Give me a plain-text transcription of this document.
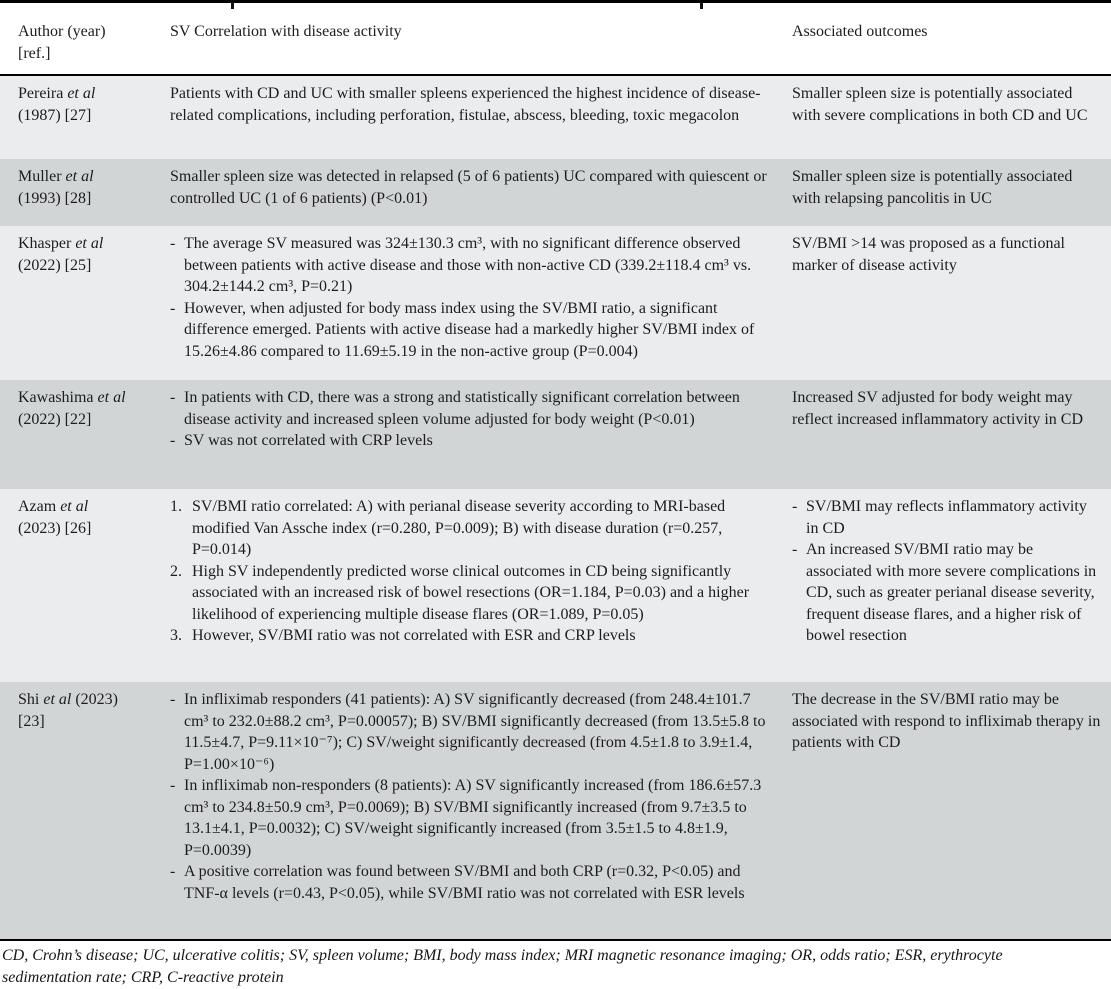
Author (year) [ref.]
SV Correlation with disease activity	Associated outcomes
Pereira et al (1987) [27]
Patients with CD and UC with smaller spleens experienced the highest incidence of disease-related complications, including perforation, fistulae, abscess, bleeding, toxic megacolon
Smaller spleen size is potentially associated with severe complications in both CD and UC
Muller et al (1993) [28]
Smaller spleen size was detected in relapsed (5 of 6 patients) UC compared with quiescent or controlled UC (1 of 6 patients) (P<0.01)
Smaller spleen size is potentially associated with relapsing pancolitis in UC
Khasper et al (2022) [25]
- The average SV measured was 324±130.3 cm³, with no significant difference observed between patients with active disease and those with non-active CD (339.2±118.4 cm³ vs. 304.2±144.2 cm³, P=0.21)
- However, when adjusted for body mass index using the SV/BMI ratio, a significant difference emerged. Patients with active disease had a markedly higher SV/BMI index of 15.26±4.86 compared to 11.69±5.19 in the non-active group (P=0.004)
SV/BMI >14 was proposed as a functional marker of disease activity
Kawashima et al (2022) [22]
- In patients with CD, there was a strong and statistically significant correlation between disease activity and increased spleen volume adjusted for body weight (P<0.01)
- SV was not correlated with CRP levels
Increased SV adjusted for body weight may reflect increased inflammatory activity in CD
Azam et al (2023) [26]
1. SV/BMI ratio correlated: A) with perianal disease severity according to MRI-based modified Van Assche index (r=0.280, P=0.009); B) with disease duration (r=0.257, P=0.014)
2. High SV independently predicted worse clinical outcomes in CD being significantly associated with an increased risk of bowel resections (OR=1.184, P=0.03) and a higher likelihood of experiencing multiple disease flares (OR=1.089, P=0.05)
3. However, SV/BMI ratio was not correlated with ESR and CRP levels
- SV/BMI may reflects inflammatory activity in CD
- An increased SV/BMI ratio may be associated with more severe complications in CD, such as greater perianal disease severity, frequent disease flares, and a higher risk of bowel resection
Shi et al (2023) [23]
- In infliximab responders (41 patients): A) SV significantly decreased (from 248.4±101.7 cm³ to 232.0±88.2 cm³, P=0.00057); B) SV/BMI significantly decreased (from 13.5±5.8 to 11.5±4.7, P=9.11×10⁻⁷); C) SV/weight significantly decreased (from 4.5±1.8 to 3.9±1.4, P=1.00×10⁻⁶)
- In infliximab non-responders (8 patients): A) SV significantly increased (from 186.6±57.3 cm³ to 234.8±50.9 cm³, P=0.0069); B) SV/BMI significantly increased (from 9.7±3.5 to 13.1±4.1, P=0.0032); C) SV/weight significantly increased (from 3.5±1.5 to 4.8±1.9, P=0.0039)
- A positive correlation was found between SV/BMI and both CRP (r=0.32, P<0.05) and TNF-α levels (r=0.43, P<0.05), while SV/BMI ratio was not correlated with ESR levels
The decrease in the SV/BMI ratio may be associated with respond to infliximab therapy in patients with CD
CD, Crohn’s disease; UC, ulcerative colitis; SV, spleen volume; BMI, body mass index; MRI magnetic resonance imaging; OR, odds ratio; ESR, erythrocyte
sedimentation rate; CRP, C-reactive protein
